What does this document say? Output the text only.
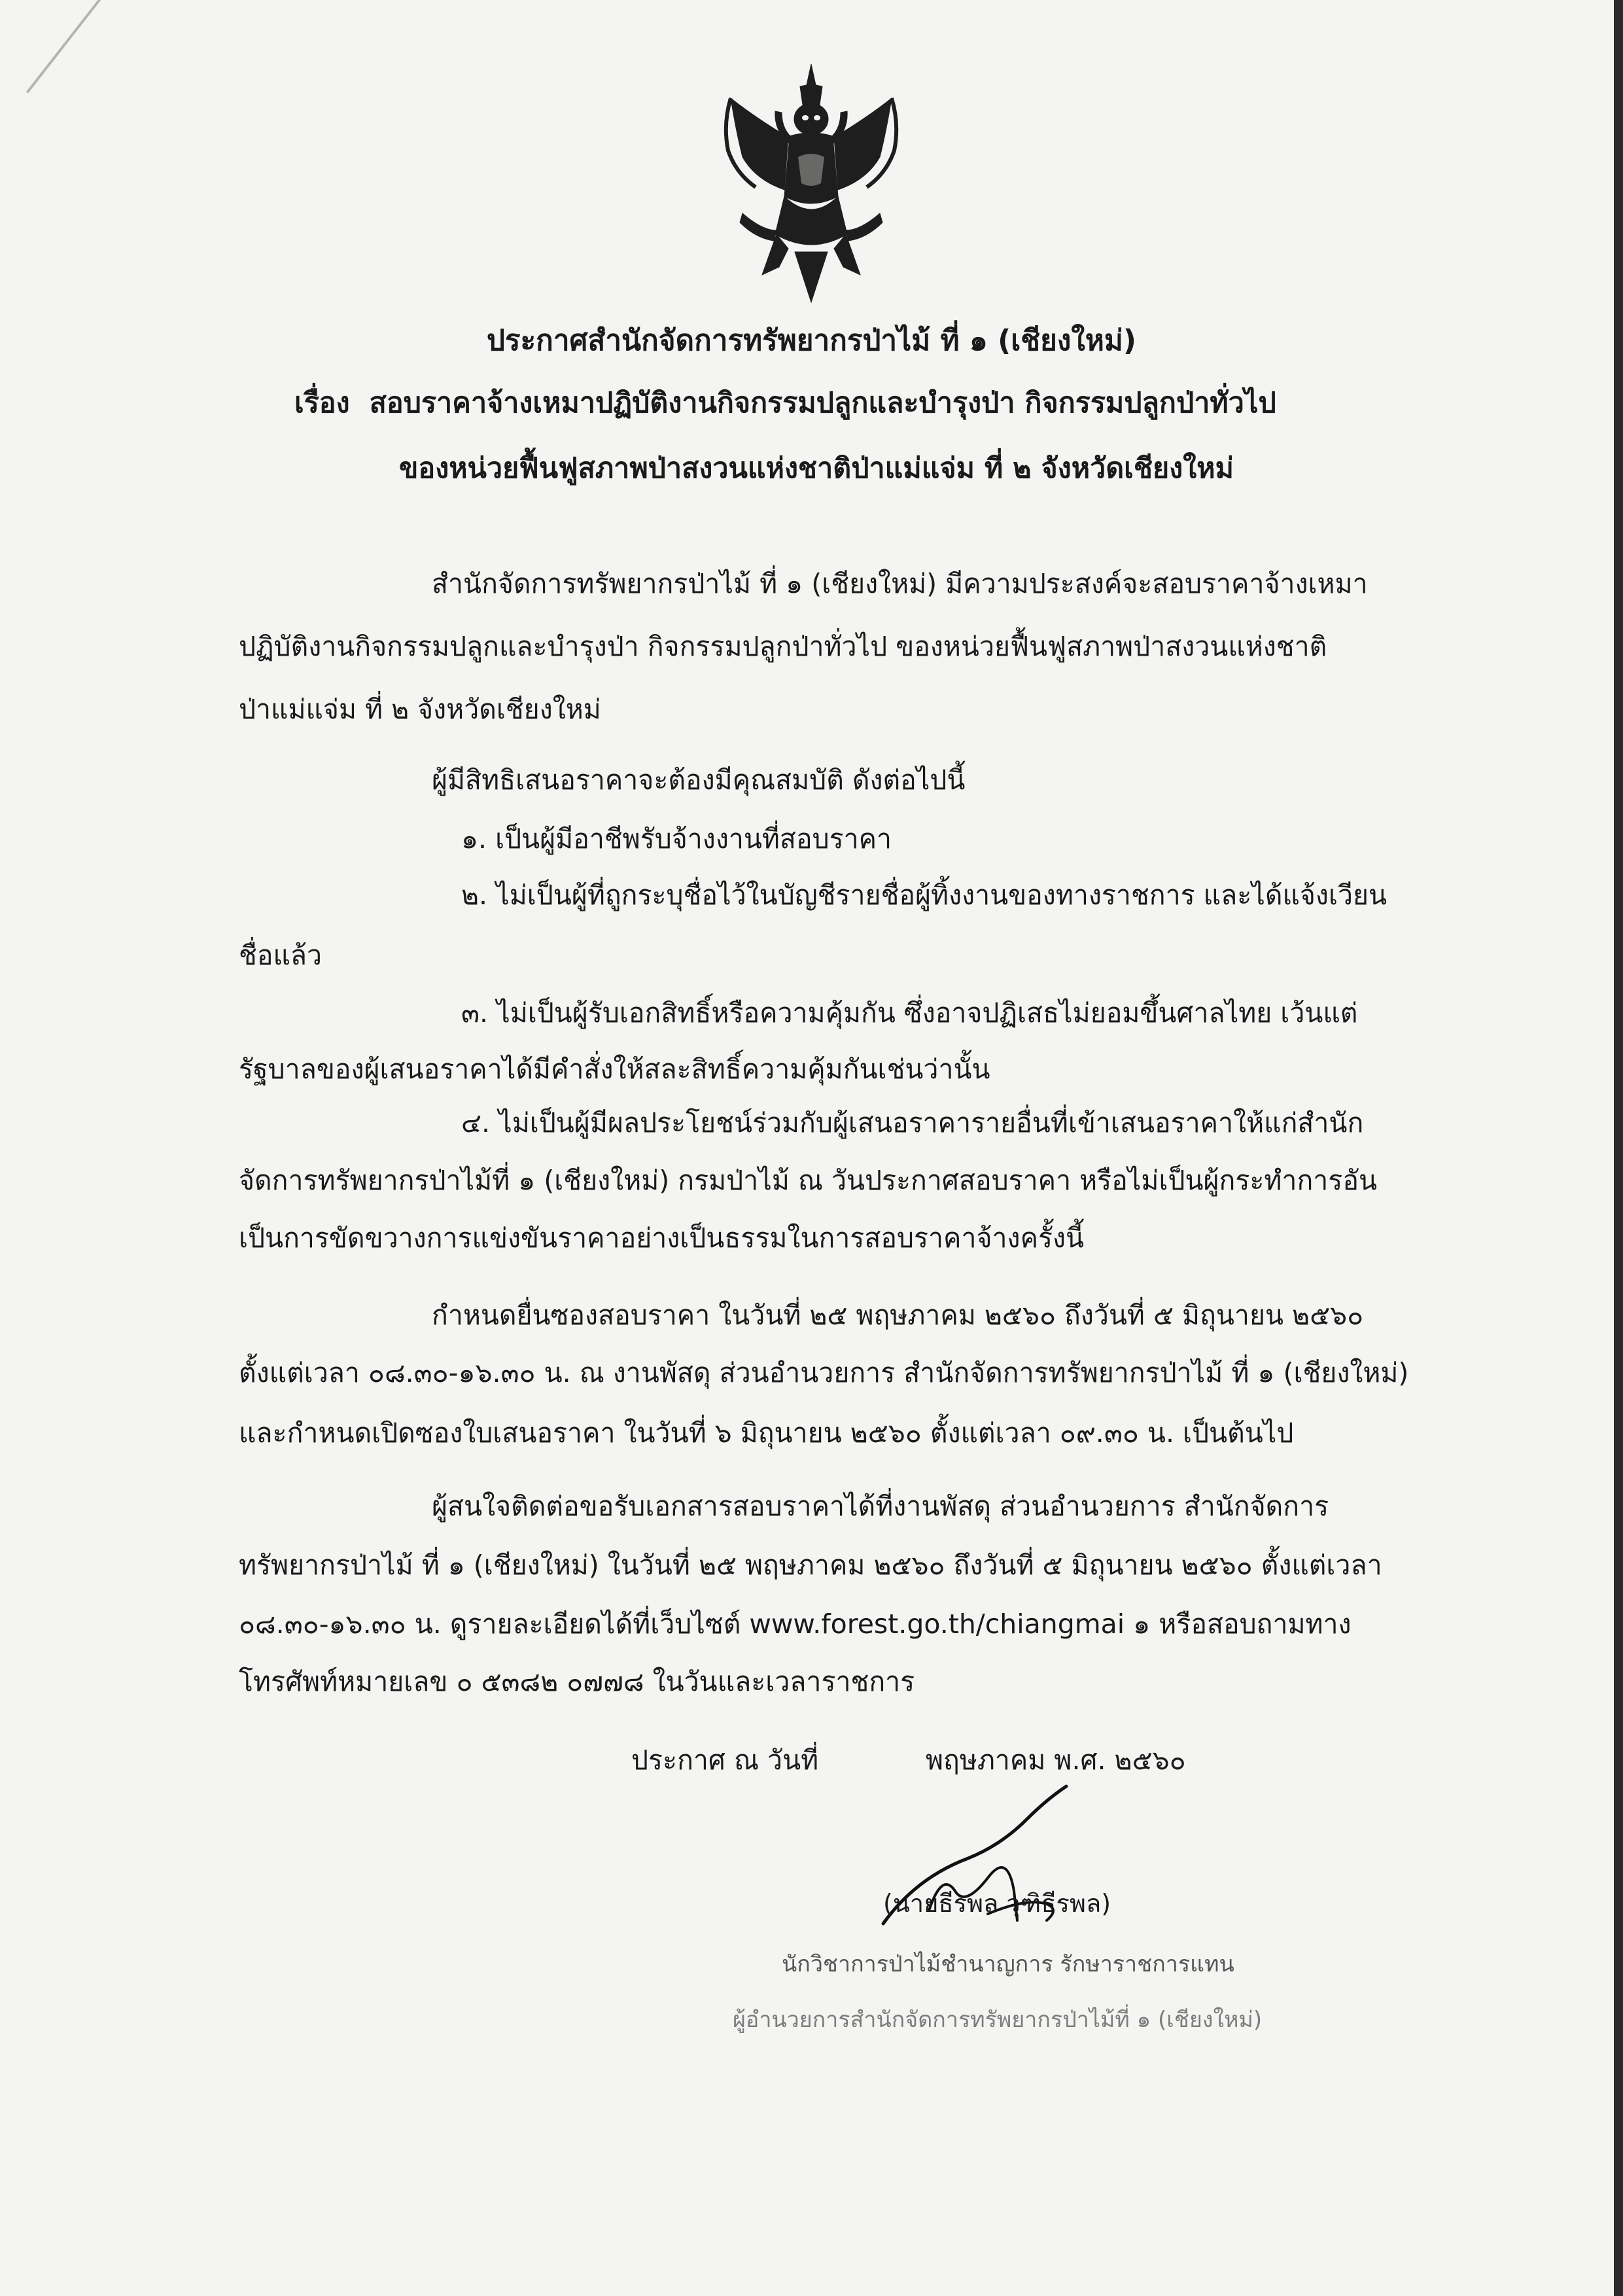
ประกาศสำนักจัดการทรัพยากรป่าไม้ ที่ ๑ (เชียงใหม่)
เรื่อง สอบราคาจ้างเหมาปฏิบัติงานกิจกรรมปลูกและบำรุงป่า กิจกรรมปลูกป่าทั่วไป
ของหน่วยฟื้นฟูสภาพป่าสงวนแห่งชาติป่าแม่แจ่ม ที่ ๒ จังหวัดเชียงใหม่
สำนักจัดการทรัพยากรป่าไม้ ที่ ๑ (เชียงใหม่) มีความประสงค์จะสอบราคาจ้างเหมา
ปฏิบัติงานกิจกรรมปลูกและบำรุงป่า กิจกรรมปลูกป่าทั่วไป ของหน่วยฟื้นฟูสภาพป่าสงวนแห่งชาติ
ป่าแม่แจ่ม ที่ ๒ จังหวัดเชียงใหม่
ผู้มีสิทธิเสนอราคาจะต้องมีคุณสมบัติ ดังต่อไปนี้
๑. เป็นผู้มีอาชีพรับจ้างงานที่สอบราคา
๒. ไม่เป็นผู้ที่ถูกระบุชื่อไว้ในบัญชีรายชื่อผู้ทิ้งงานของทางราชการ และได้แจ้งเวียน
ชื่อแล้ว
๓. ไม่เป็นผู้รับเอกสิทธิ์หรือความคุ้มกัน ซึ่งอาจปฏิเสธไม่ยอมขึ้นศาลไทย เว้นแต่
รัฐบาลของผู้เสนอราคาได้มีคำสั่งให้สละสิทธิ์ความคุ้มกันเช่นว่านั้น
๔. ไม่เป็นผู้มีผลประโยชน์ร่วมกับผู้เสนอราคารายอื่นที่เข้าเสนอราคาให้แก่สำนัก
จัดการทรัพยากรป่าไม้ที่ ๑ (เชียงใหม่) กรมป่าไม้ ณ วันประกาศสอบราคา หรือไม่เป็นผู้กระทำการอัน
เป็นการขัดขวางการแข่งขันราคาอย่างเป็นธรรมในการสอบราคาจ้างครั้งนี้
กำหนดยื่นซองสอบราคา ในวันที่ ๒๕ พฤษภาคม ๒๕๖๐ ถึงวันที่ ๕ มิถุนายน ๒๕๖๐
ตั้งแต่เวลา ๐๘.๓๐-๑๖.๓๐ น. ณ งานพัสดุ ส่วนอำนวยการ สำนักจัดการทรัพยากรป่าไม้ ที่ ๑ (เชียงใหม่)
และกำหนดเปิดซองใบเสนอราคา ในวันที่ ๖ มิถุนายน ๒๕๖๐ ตั้งแต่เวลา ๐๙.๓๐ น. เป็นต้นไป
ผู้สนใจติดต่อขอรับเอกสารสอบราคาได้ที่งานพัสดุ ส่วนอำนวยการ สำนักจัดการ
ทรัพยากรป่าไม้ ที่ ๑ (เชียงใหม่) ในวันที่ ๒๕ พฤษภาคม ๒๕๖๐ ถึงวันที่ ๕ มิถุนายน ๒๕๖๐ ตั้งแต่เวลา
๐๘.๓๐-๑๖.๓๐ น. ดูรายละเอียดได้ที่เว็บไซต์ www.forest.go.th/chiangmai ๑ หรือสอบถามทาง
โทรศัพท์หมายเลข ๐ ๕๓๘๒ ๐๗๗๘ ในวันและเวลาราชการ
ประกาศ ณ วันที่	พฤษภาคม พ.ศ. ๒๕๖๐
(นายธีรพล วุฑิธีรพล)
นักวิชาการป่าไม้ชำนาญการ รักษาราชการแทน
ผู้อำนวยการสำนักจัดการทรัพยากรป่าไม้ที่ ๑ (เชียงใหม่)
